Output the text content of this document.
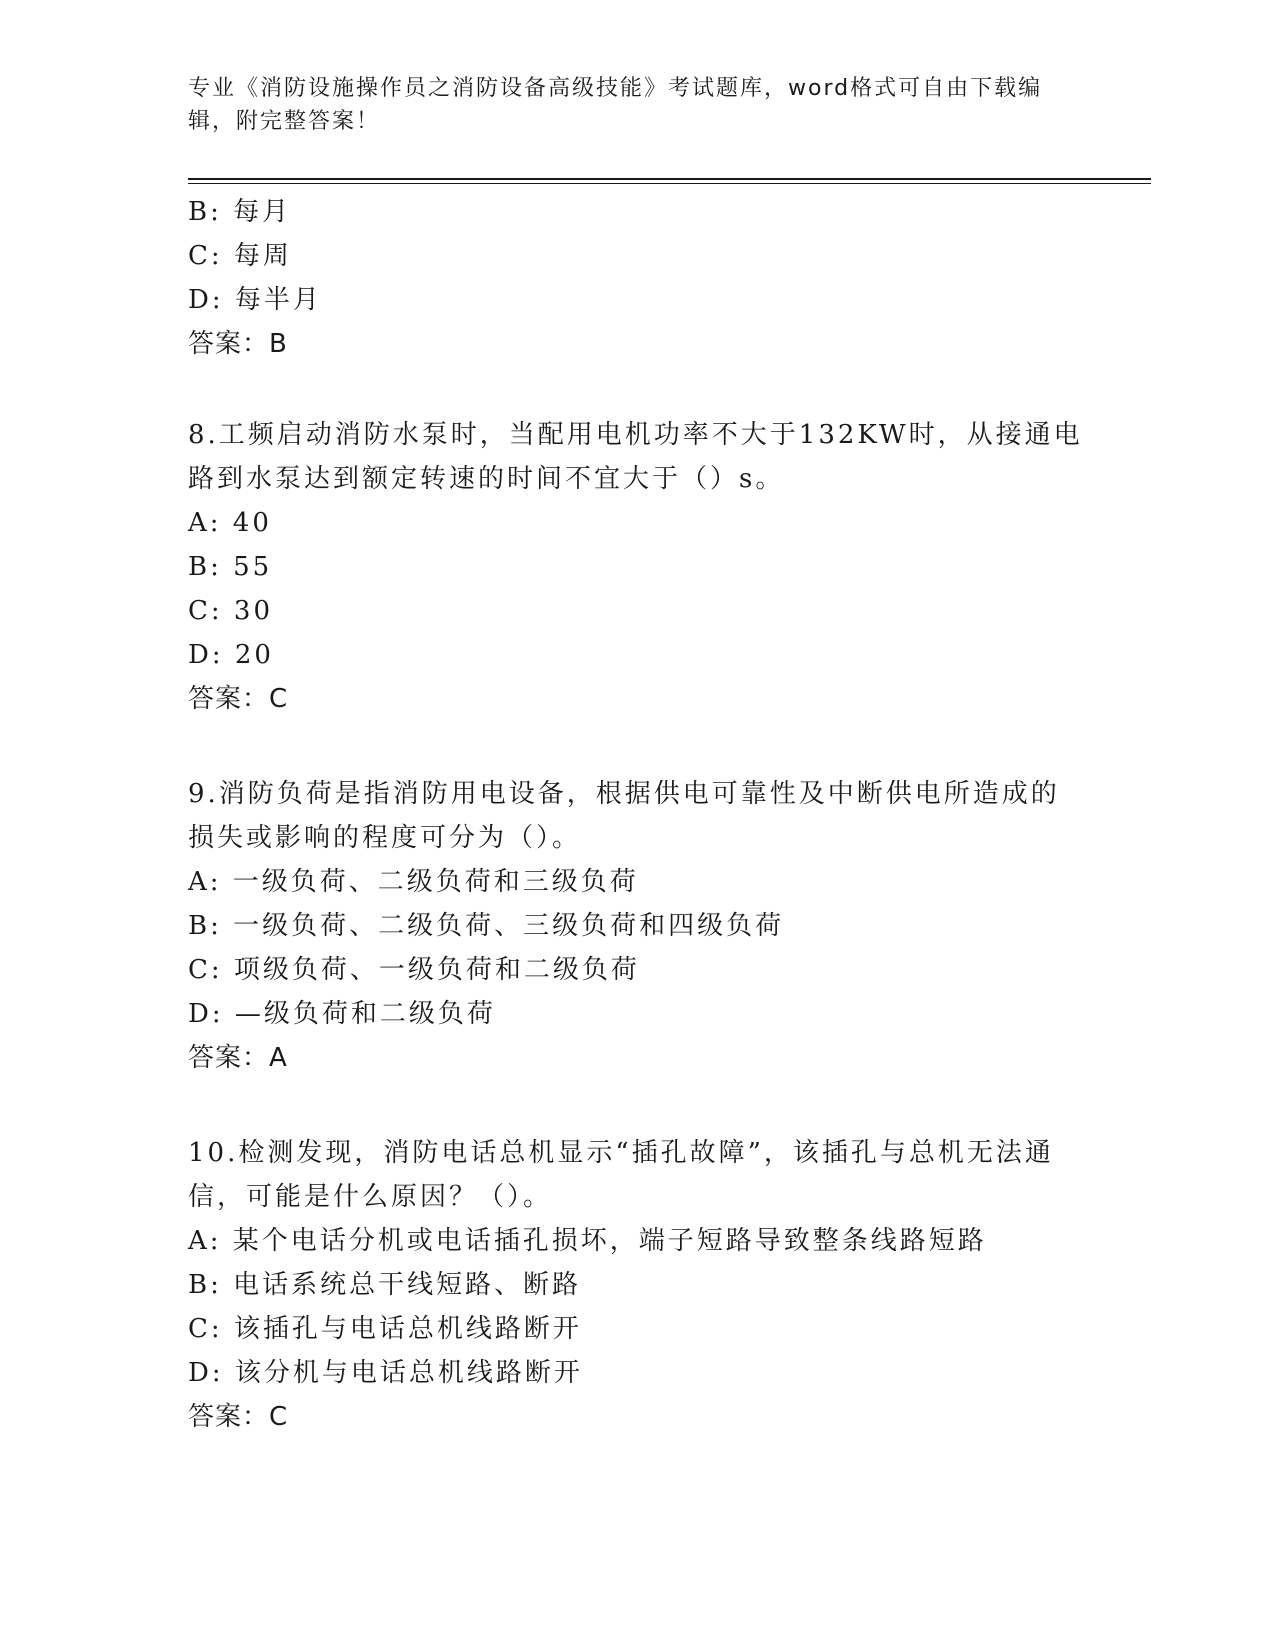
专业《消防设施操作员之消防设备高级技能》考试题库，word格式可自由下载编辑，附完整答案！
B: 每月
C: 每周
D: 每半月
答案：B
8.工频启动消防水泵时，当配用电机功率不大于132KW时，从接通电
路到水泵达到额定转速的时间不宜大于（）s。
A: 40
B: 55
C: 30
D: 20
答案：C
9.消防负荷是指消防用电设备，根据供电可靠性及中断供电所造成的
损失或影响的程度可分为（）。
A: 一级负荷、二级负荷和三级负荷
B: 一级负荷、二级负荷、三级负荷和四级负荷
C: 项级负荷、一级负荷和二级负荷
D: —级负荷和二级负荷
答案：A
10.检测发现，消防电话总机显示“插孔故障”，该插孔与总机无法通
信，可能是什么原因？（）。
A: 某个电话分机或电话插孔损坏，端子短路导致整条线路短路
B: 电话系统总干线短路、断路
C: 该插孔与电话总机线路断开
D: 该分机与电话总机线路断开
答案：C
